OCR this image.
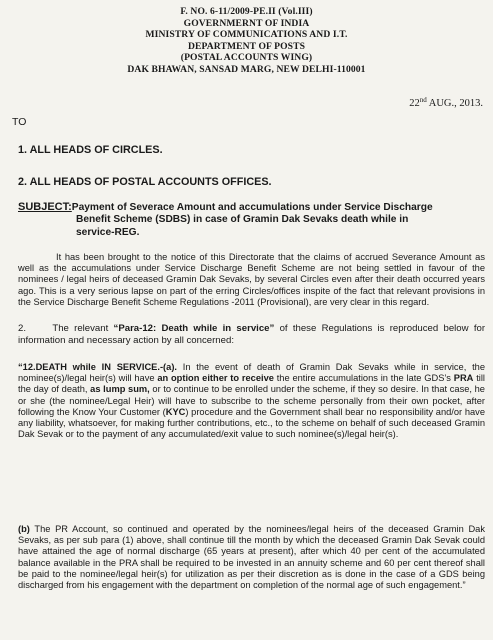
F. NO. 6-11/2009-PE.II (Vol.III)
GOVERNMERNT OF INDIA
MINISTRY OF COMMUNICATIONS AND I.T.
DEPARTMENT OF POSTS
(POSTAL ACCOUNTS WING)
DAK BHAWAN, SANSAD MARG, NEW DELHI-110001
22nd AUG., 2013.
TO
1. ALL HEADS OF CIRCLES.
2. ALL HEADS OF POSTAL ACCOUNTS OFFICES.
SUBJECT:Payment of Severace Amount and accumulations under Service Discharge
Benefit Scheme (SDBS) in case of Gramin Dak Sevaks death while in
service-REG.
It has been brought to the notice of this Directorate that the claims of accrued Severance Amount as well as the accumulations under Service Discharge Benefit Scheme are not being settled in favour of the nominees / legal heirs of deceased Gramin Dak Sevaks, by several Circles even after their death occurred years ago. This is a very serious lapse on part of the erring Circles/offices inspite of the fact that relevant provisions in the Service Discharge Benefit Scheme Regulations -2011 (Provisional), are very clear in this regard.
2.	The relevant “Para-12: Death while in service” of these Regulations is reproduced below for information and necessary action by all concerned:
“12.DEATH while IN SERVICE.-(a). In the event of death of Gramin Dak Sevaks while in service, the nominee(s)/legal heir(s) will have an option either to receive the entire accumulations in the late GDS’s PRA till the day of death, as lump sum, or to continue to be enrolled under the scheme, if they so desire. In that case, he or she (the nominee/Legal Heir) will have to subscribe to the scheme personally from their own pocket, after following the Know Your Customer (KYC) procedure and the Government shall bear no responsibility and/or have any liability, whatsoever, for making further contributions, etc., to the scheme on behalf of such deceased Gramin Dak Sevak or to the payment of any accumulated/exit value to such nominee(s)/legal heir(s).
(b) The PR Account, so continued and operated by the nominees/legal heirs of the deceased Gramin Dak Sevaks, as per sub para (1) above, shall continue till the month by which the deceased Gramin Dak Sevak could have attained the age of normal discharge (65 years at present), after which 40 per cent of the accumulated balance available in the PRA shall be required to be invested in an annuity scheme and 60 per cent thereof shall be paid to the nominee/legal heir(s) for utilization as per their discretion as is done in the case of a GDS being discharged from his engagement with the department on completion of the normal age of such engagement.”
